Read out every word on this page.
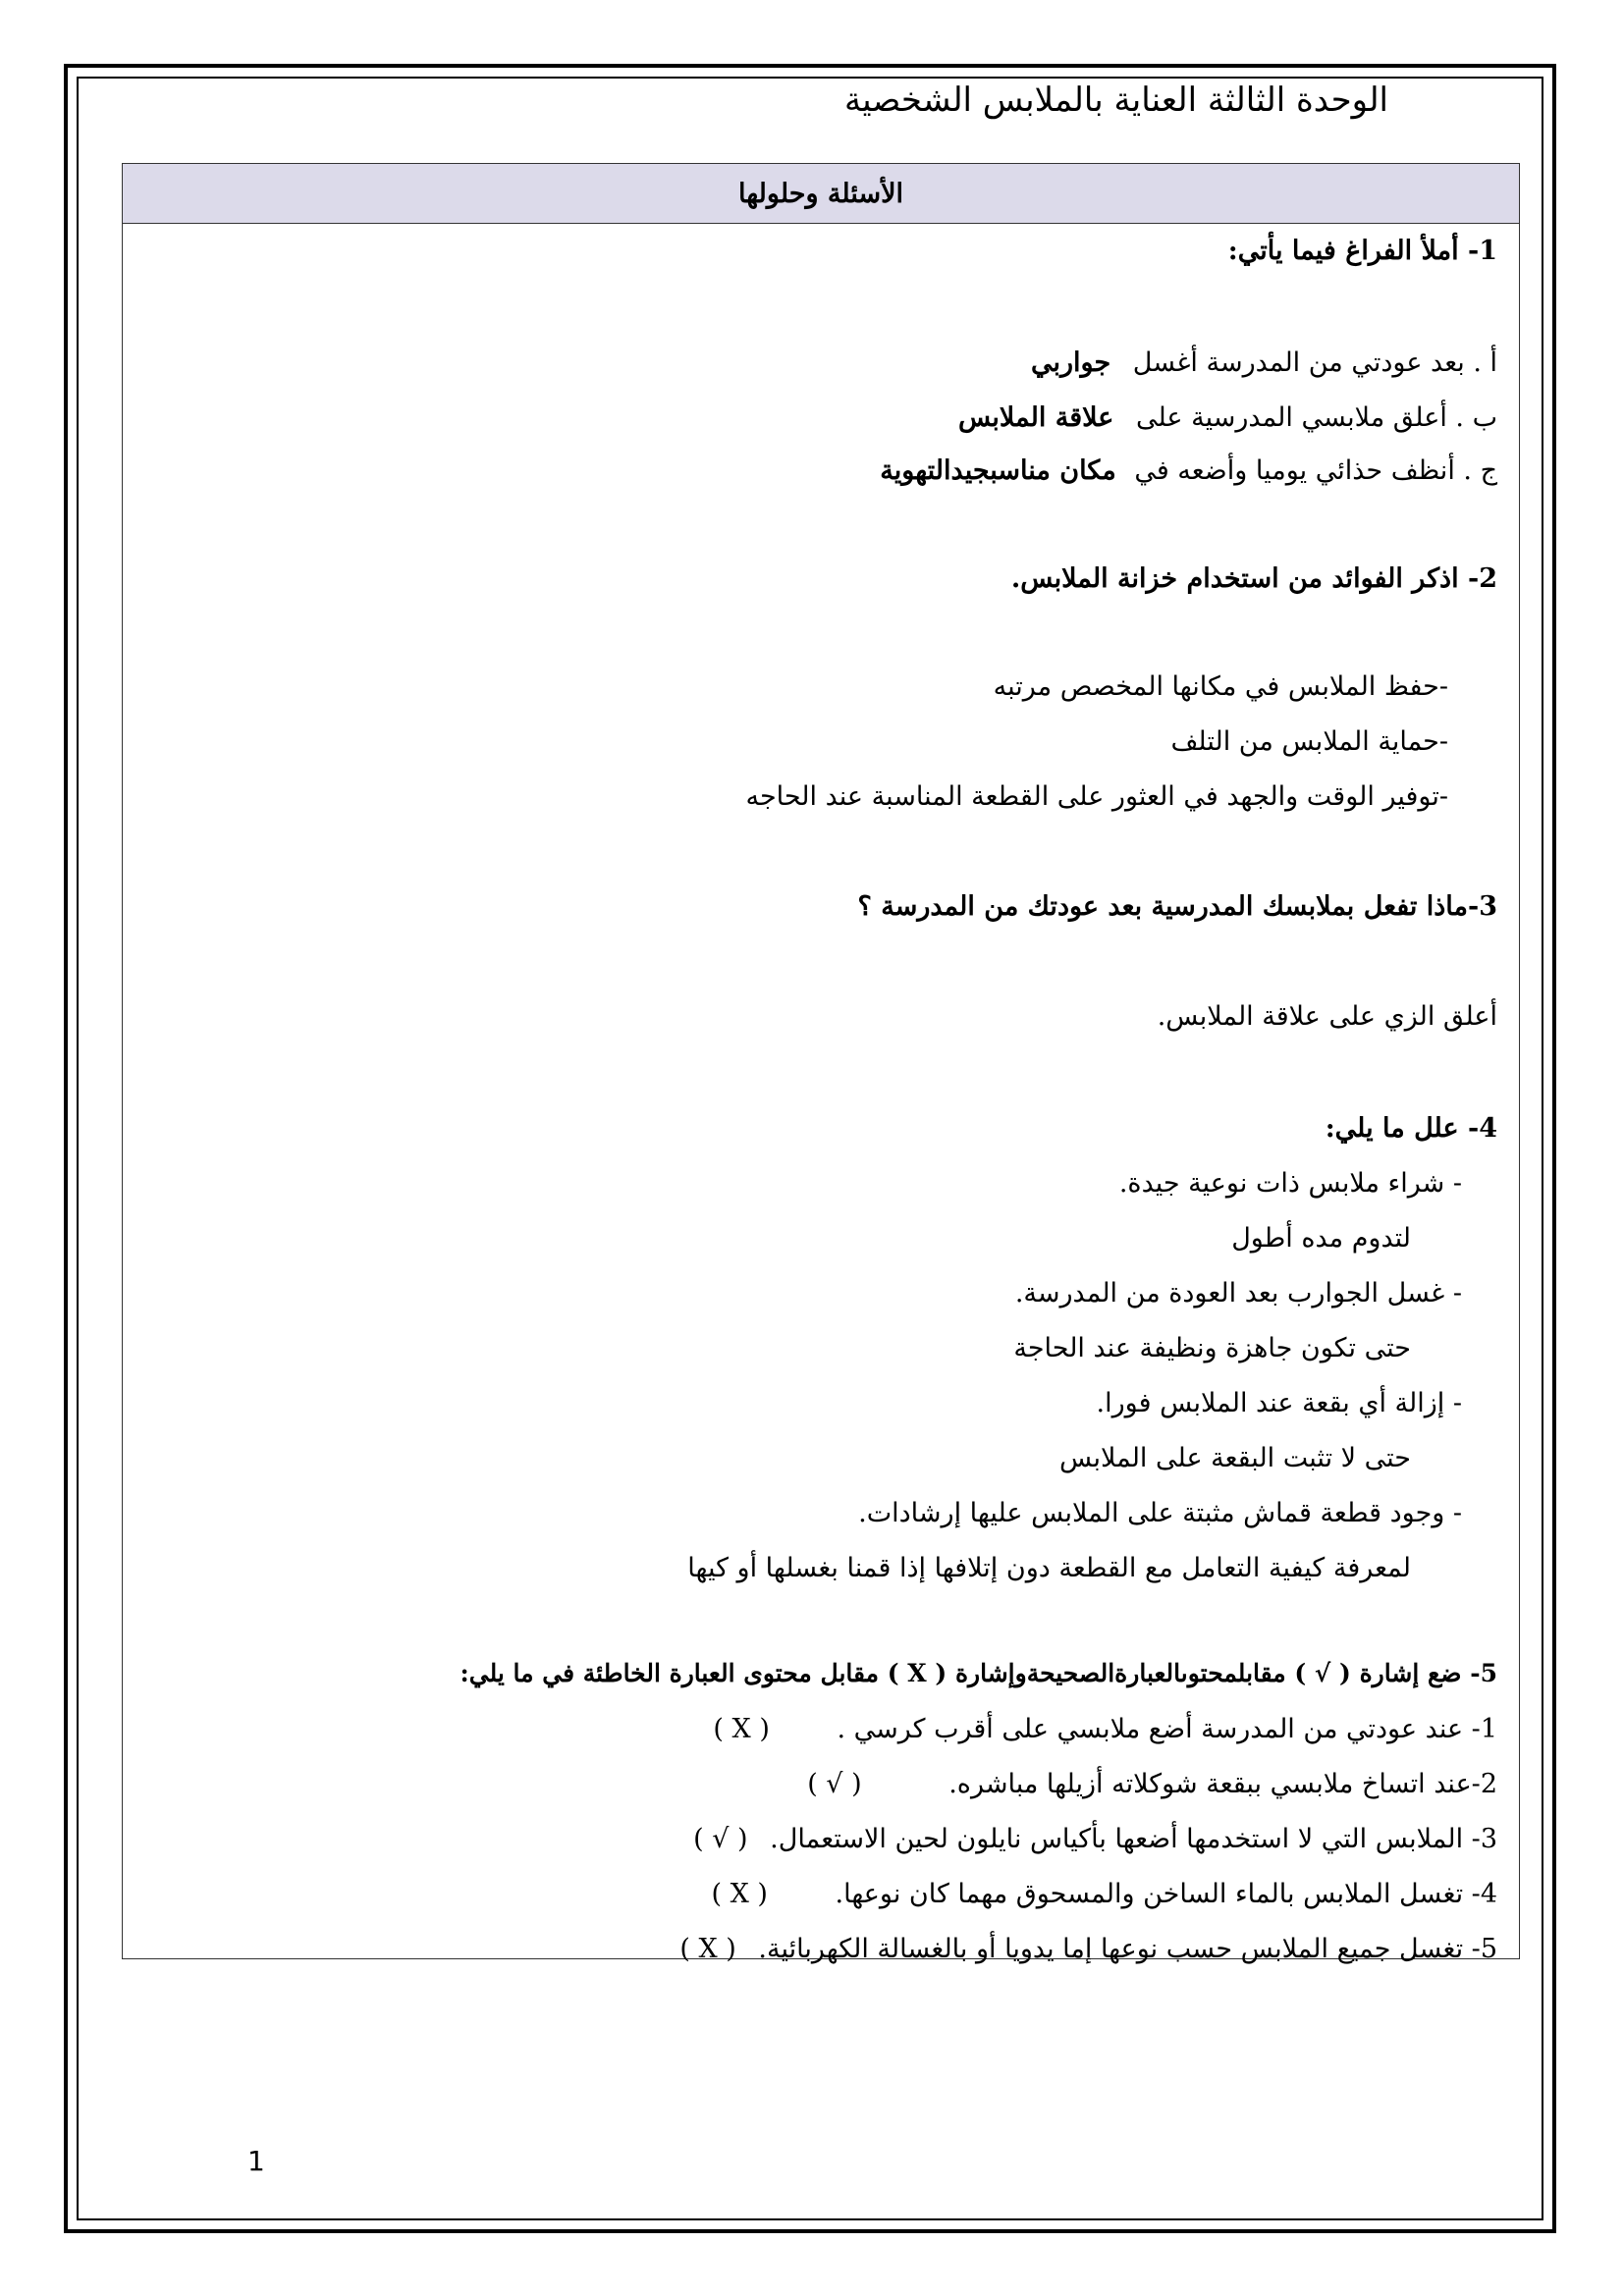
الوحدة الثالثة العناية بالملابس الشخصية
الأسئلة وحلولها
1- أملأ الفراغ فيما يأتي:
أ . بعد عودتي من المدرسة أغسل جواربي
ب . أعلق ملابسي المدرسية على علاقة الملابس
ج . أنظف حذائي يوميا وأضعه في مكان مناسبجيدالتهوية
2- اذكر الفوائد من استخدام خزانة الملابس.
-حفظ الملابس في مكانها المخصص مرتبه
-حماية الملابس من التلف
-توفير الوقت والجهد في العثور على القطعة المناسبة عند الحاجه
3-ماذا تفعل بملابسك المدرسية بعد عودتك من المدرسة ؟
أعلق الزي على علاقة الملابس.
4- علل ما يلي:
- شراء ملابس ذات نوعية جيدة.
لتدوم مده أطول
- غسل الجوارب بعد العودة من المدرسة.
حتى تكون جاهزة ونظيفة عند الحاجة
- إزالة أي بقعة عند الملابس فورا.
حتى لا تثبت البقعة على الملابس
- وجود قطعة قماش مثبتة على الملابس عليها إرشادات.
لمعرفة كيفية التعامل مع القطعة دون إتلافها إذا قمنا بغسلها أو كيها
5- ضع إشارة ( √ ) مقابلمحتوىالعبارةالصحيحةوإشارة ( X ) مقابل محتوى العبارة الخاطئة في ما يلي:
1- عند عودتي من المدرسة أضع ملابسي على أقرب كرسي . ( X )
2-عند اتساخ ملابسي ببقعة شوكلاته أزيلها مباشره. ( √ )
3- الملابس التي لا استخدمها أضعها بأكياس نايلون لحين الاستعمال. ( √ )
4- تغسل الملابس بالماء الساخن والمسحوق مهما كان نوعها. ( X )
5- تغسل جميع الملابس حسب نوعها إما يدويا أو بالغسالة الكهربائية. ( X )
1
